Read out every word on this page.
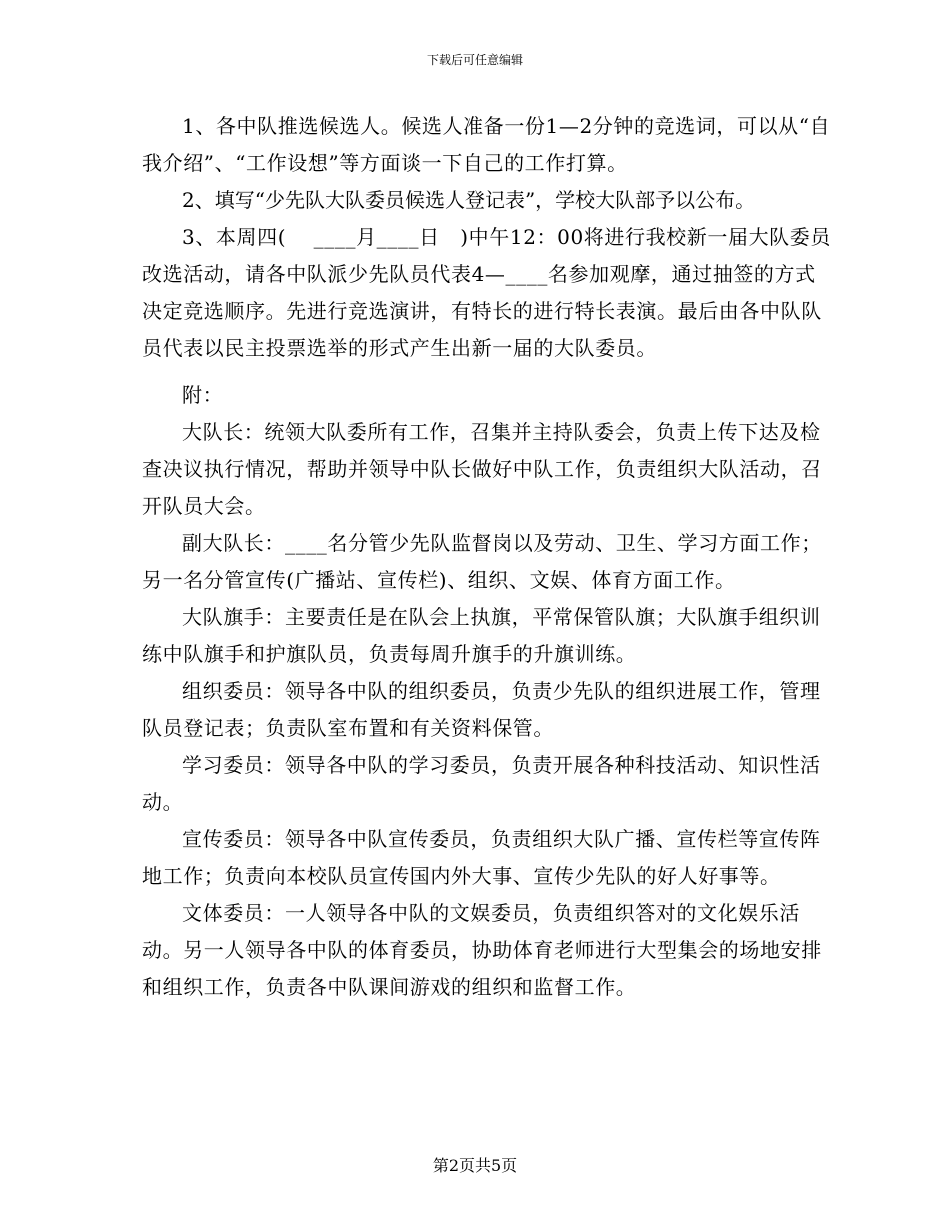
下载后可任意编辑

1、各中队推选候选人。候选人准备一份1—2分钟的竞选词，可以从“自我介绍”、“工作设想”等方面谈一下自己的工作打算。

2、填写“少先队大队委员候选人登记表”，学校大队部予以公布。

3、本周四(　 ____月____日　)中午12：00将进行我校新一届大队委员改选活动，请各中队派少先队员代表4—____名参加观摩，通过抽签的方式决定竞选顺序。先进行竞选演讲，有特长的进行特长表演。最后由各中队队员代表以民主投票选举的形式产生出新一届的大队委员。

附：

大队长：统领大队委所有工作，召集并主持队委会，负责上传下达及检查决议执行情况，帮助并领导中队长做好中队工作，负责组织大队活动，召开队员大会。

副大队长：____名分管少先队监督岗以及劳动、卫生、学习方面工作；另一名分管宣传(广播站、宣传栏)、组织、文娱、体育方面工作。

大队旗手：主要责任是在队会上执旗，平常保管队旗；大队旗手组织训练中队旗手和护旗队员，负责每周升旗手的升旗训练。

组织委员：领导各中队的组织委员，负责少先队的组织进展工作，管理队员登记表；负责队室布置和有关资料保管。

学习委员：领导各中队的学习委员，负责开展各种科技活动、知识性活动。

宣传委员：领导各中队宣传委员，负责组织大队广播、宣传栏等宣传阵地工作；负责向本校队员宣传国内外大事、宣传少先队的好人好事等。

文体委员：一人领导各中队的文娱委员，负责组织答对的文化娱乐活动。另一人领导各中队的体育委员，协助体育老师进行大型集会的场地安排和组织工作，负责各中队课间游戏的组织和监督工作。

第2页共5页
